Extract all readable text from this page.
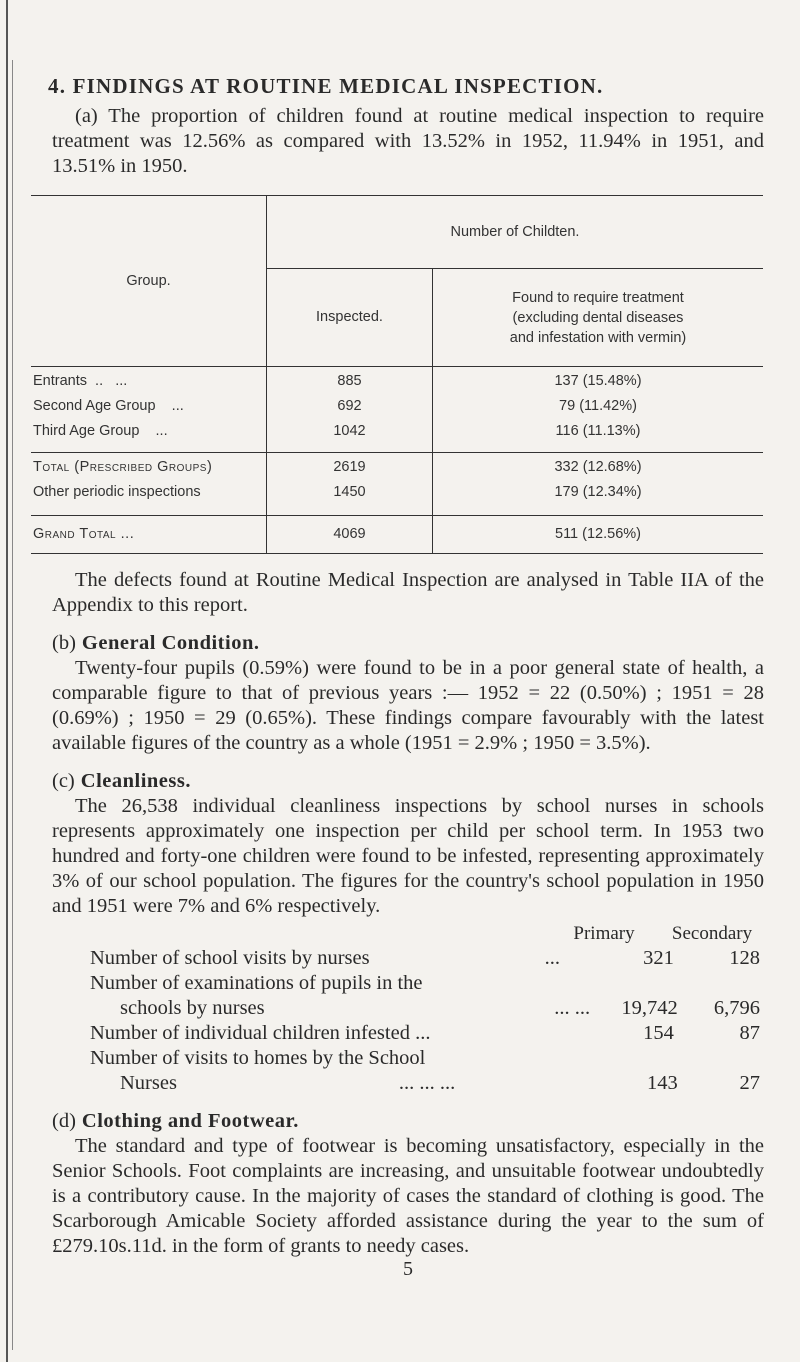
4. FINDINGS AT ROUTINE MEDICAL INSPECTION.

(a) The proportion of children found at routine medical inspection to require treatment was 12.56% as compared with 13.52% in 1952, 11.94% in 1951, and 13.51% in 1950.

Group.	Number of Childten.	
	Inspected.	Found to require treatment
(excluding dental diseases
and infestation with vermin)

Entrants  ..   ...	885	137 (15.48%)
Second Age Group ...	692	79 (11.42%)
Third Age Group ...	1042	116 (11.13%)
Total (Prescribed Groups)	2619	332 (12.68%)
Other periodic inspections	1450	179 (12.34%)
Grand Total ...	4069	511 (12.56%)

The defects found at Routine Medical Inspection are analysed in Table IIA of the Appendix to this report.

(b) General Condition.

Twenty-four pupils (0.59%) were found to be in a poor general state of health, a comparable figure to that of previous years :— 1952 = 22 (0.50%) ; 1951 = 28 (0.69%) ; 1950 = 29 (0.65%). These findings compare favourably with the latest available figures of the country as a whole (1951 = 2.9% ; 1950 = 3.5%).

(c) Cleanliness.

The 26,538 individual cleanliness inspections by school nurses in schools represents approximately one inspection per child per school term. In 1953 two hundred and forty-one children were found to be infested, representing approximately 3% of our school population. The figures for the country's school population in 1950 and 1951 were 7% and 6% respectively.

Primary	Secondary
Number of school visits by nurses	...	321	128
Number of examinations of pupils in the
schools by nurses	... ...	19,742	6,796
Number of individual children infested ...	154	87
Number of visits to homes by the School
Nurses	... ... ...	143	27
(d) Clothing and Footwear.

The standard and type of footwear is becoming unsatisfactory, especially in the Senior Schools. Foot complaints are increasing, and unsuitable footwear undoubtedly is a contributory cause. In the majority of cases the standard of clothing is good. The Scarborough Amicable Society afforded assistance during the year to the sum of £279.10s.11d. in the form of grants to needy cases.

5
